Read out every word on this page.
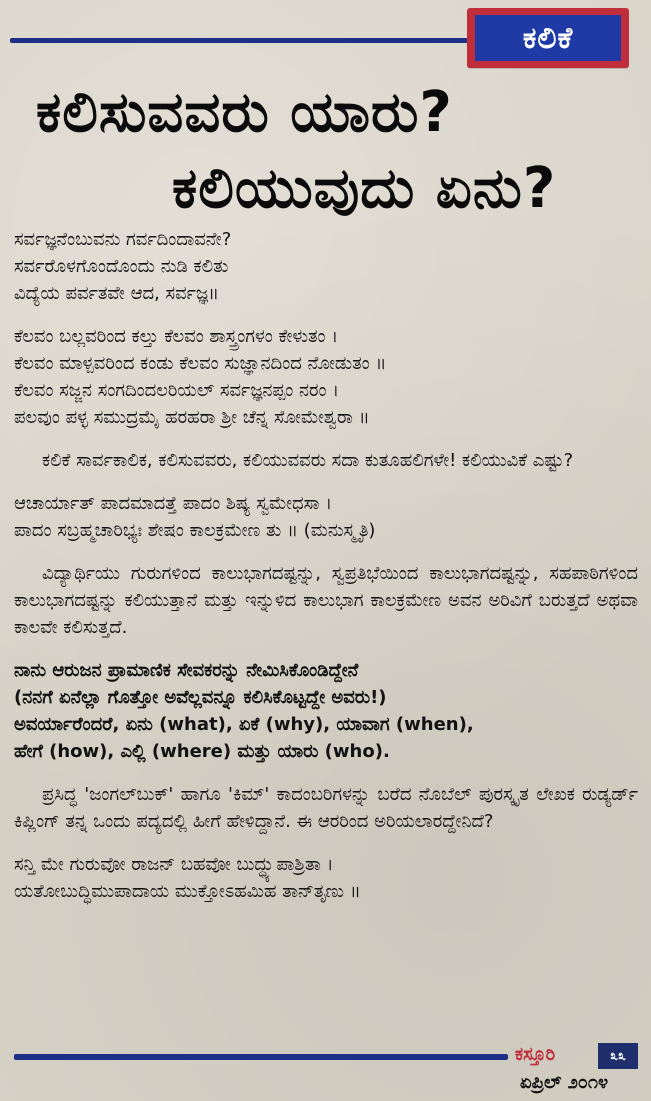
ಕಲಿಕೆ
ಕಲಿಸುವವರು ಯಾರು?
ಕಲಿಯುವುದು ಏನು?
ಸರ್ವಜ್ಞನೆಂಬುವನು ಗರ್ವದಿಂದಾವನೇ?
ಸರ್ವರೊಳಗೊಂದೊಂದು ನುಡಿ ಕಲಿತು
ವಿದ್ಯೆಯ ಪರ್ವತವೇ ಆದ, ಸರ್ವಜ್ಞ॥
ಕೆಲವಂ ಬಲ್ಲವರಿಂದ ಕಲ್ತು ಕೆಲವಂ ಶಾಸ್ತ್ರಂಗಳಂ ಕೇಳುತಂ ।
ಕೆಲವಂ ಮಾಳ್ಪವರಿಂದ ಕಂಡು ಕೆಲವಂ ಸುಜ್ಞಾನದಿಂದ ನೋಡುತಂ ॥
ಕೆಲವಂ ಸಜ್ಜನ ಸಂಗದಿಂದಲರಿಯಲ್ ಸರ್ವಜ್ಞನಪ್ಪಂ ನರಂ ।
ಪಲವುಂ ಪಳ್ಳ ಸಮುದ್ರಮೈ ಹರಹರಾ ಶ್ರೀ ಚೆನ್ನ ಸೋಮೇಶ್ವರಾ ॥

ಕಲಿಕೆ ಸಾರ್ವಕಾಲಿಕ, ಕಲಿಸುವವರು, ಕಲಿಯುವವರು ಸದಾ ಕುತೂಹಲಿಗಳೇ! ಕಲಿಯುವಿಕೆ ಎಷ್ಟು?

ಆಚಾರ್ಯಾತ್ ಪಾದಮಾದತ್ತೆ ಪಾದಂ ಶಿಷ್ಯ ಸ್ವಮೇಧಸಾ ।
ಪಾದಂ ಸಬ್ರಹ್ಮಚಾರಿಭ್ಯಃ ಶೇಷಂ ಕಾಲಕ್ರಮೇಣ ತು ॥ (ಮನುಸ್ಮೃತಿ)

ವಿದ್ಯಾರ್ಥಿಯು ಗುರುಗಳಿಂದ ಕಾಲುಭಾಗದಷ್ಟನ್ನು, ಸ್ವಪ್ರತಿಭೆಯಿಂದ ಕಾಲುಭಾಗದಷ್ಟನ್ನು, ಸಹಪಾಠಿಗಳಿಂದ ಕಾಲುಭಾಗದಷ್ಟನ್ನು ಕಲಿಯುತ್ತಾನೆ ಮತ್ತು ಇನ್ನುಳಿದ ಕಾಲುಭಾಗ ಕಾಲಕ್ರಮೇಣ ಅವನ ಅರಿವಿಗೆ ಬರುತ್ತದೆ ಅಥವಾ ಕಾಲವೇ ಕಲಿಸುತ್ತದೆ.

ನಾನು ಆರುಜನ ಪ್ರಾಮಾಣಿಕ ಸೇವಕರನ್ನು ನೇಮಿಸಿಕೊಂಡಿದ್ದೇನೆ
(ನನಗೆ ಏನೆಲ್ಲಾ ಗೊತ್ತೋ ಅವೆಲ್ಲವನ್ನೂ ಕಲಿಸಿಕೊಟ್ಟದ್ದೇ ಅವರು!)
ಅವರ್ಯಾರೆಂದರೆ, ಏನು (what), ಏಕೆ (why), ಯಾವಾಗ (when),
ಹೇಗೆ (how), ಎಲ್ಲಿ (where) ಮತ್ತು ಯಾರು (who).

ಪ್ರಸಿದ್ಧ 'ಜಂಗಲ್‌ಬುಕ್' ಹಾಗೂ 'ಕಿಮ್' ಕಾದಂಬರಿಗಳನ್ನು ಬರೆದ ನೊಬೆಲ್ ಪುರಸ್ಕೃತ ಲೇಖಕ ರುಡ್ಯರ್ಡ್ ಕಿಪ್ಲಿಂಗ್ ತನ್ನ ಒಂದು ಪದ್ಯದಲ್ಲಿ ಹೀಗೆ ಹೇಳಿದ್ದಾನೆ. ಈ ಆರರಿಂದ ಅರಿಯಲಾರದ್ದೇನಿದೆ?

ಸನ್ತಿ ಮೇ ಗುರುವೋ ರಾಜನ್ ಬಹವೋ ಬುದ್ಧ್ಯುಪಾಶ್ರಿತಾ ।
ಯತೋಬುದ್ಧಿಮುಪಾದಾಯ ಮುಕ್ತೋಽಹಮಿಹ ತಾನ್‌ತೃಣು ॥
ಕಸ್ತೂರಿ	೩೩
ಏಪ್ರಿಲ್ ೨೦೧೪
